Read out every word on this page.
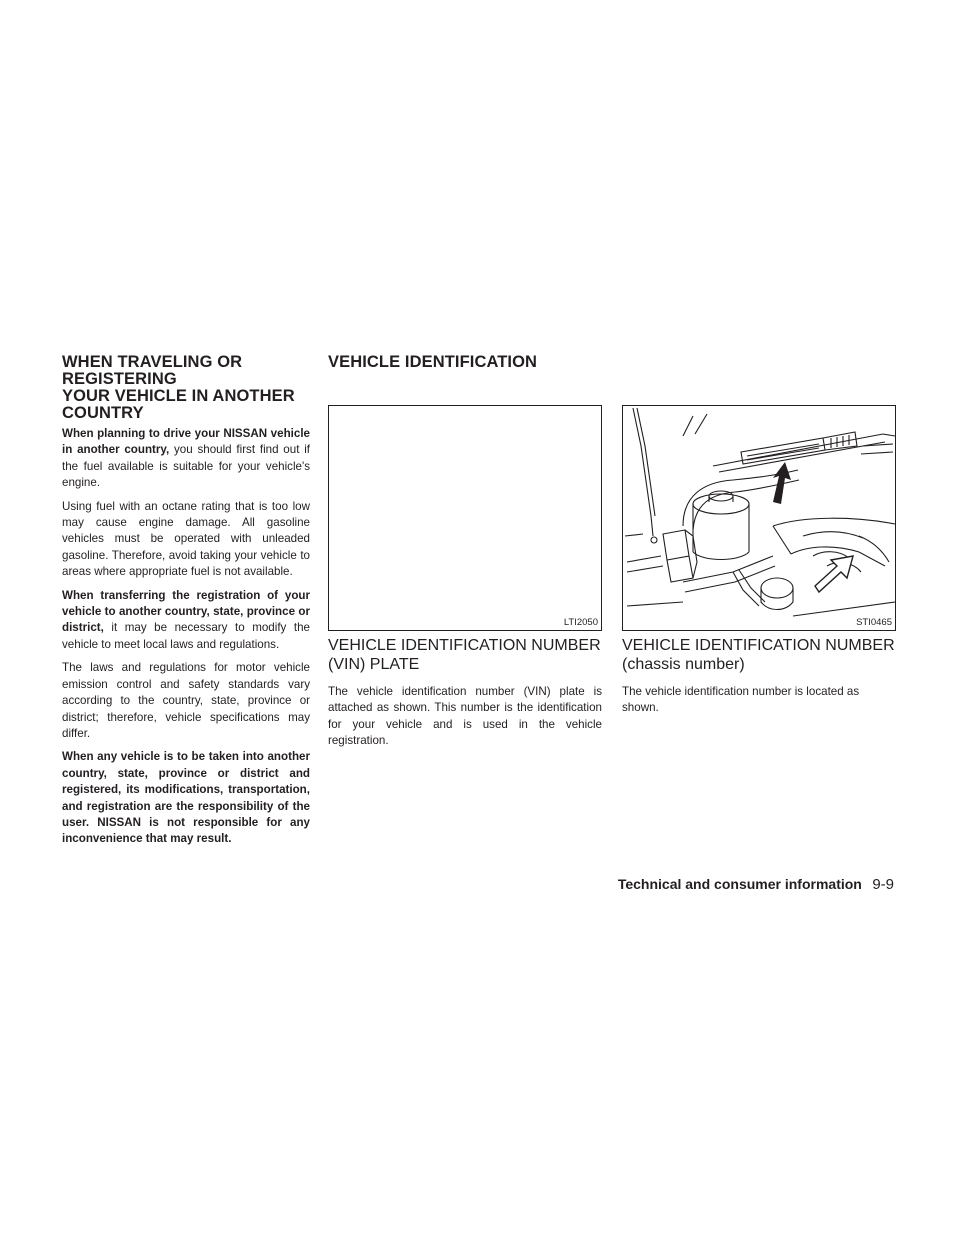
WHEN TRAVELING OR REGISTERING
YOUR VEHICLE IN ANOTHER
COUNTRY

When planning to drive your NISSAN vehicle in another country, you should first find out if the fuel available is suitable for your vehicle's engine.

Using fuel with an octane rating that is too low may cause engine damage. All gasoline vehicles must be operated with unleaded gasoline. Therefore, avoid taking your vehicle to areas where appropriate fuel is not available.

When transferring the registration of your vehicle to another country, state, province or district, it may be necessary to modify the vehicle to meet local laws and regulations.

The laws and regulations for motor vehicle emission control and safety standards vary according to the country, state, province or district; therefore, vehicle specifications may differ.

When any vehicle is to be taken into another country, state, province or district and registered, its modifications, transportation, and registration are the responsibility of the user. NISSAN is not responsible for any inconvenience that may result.

VEHICLE IDENTIFICATION
LTI2050	STI0465
VEHICLE IDENTIFICATION NUMBER
(VIN) PLATE

The vehicle identification number (VIN) plate is attached as shown. This number is the identification for your vehicle and is used in the vehicle registration.

VEHICLE IDENTIFICATION NUMBER
(chassis number)

The vehicle identification number is located as shown.

Technical and consumer information 9-9
